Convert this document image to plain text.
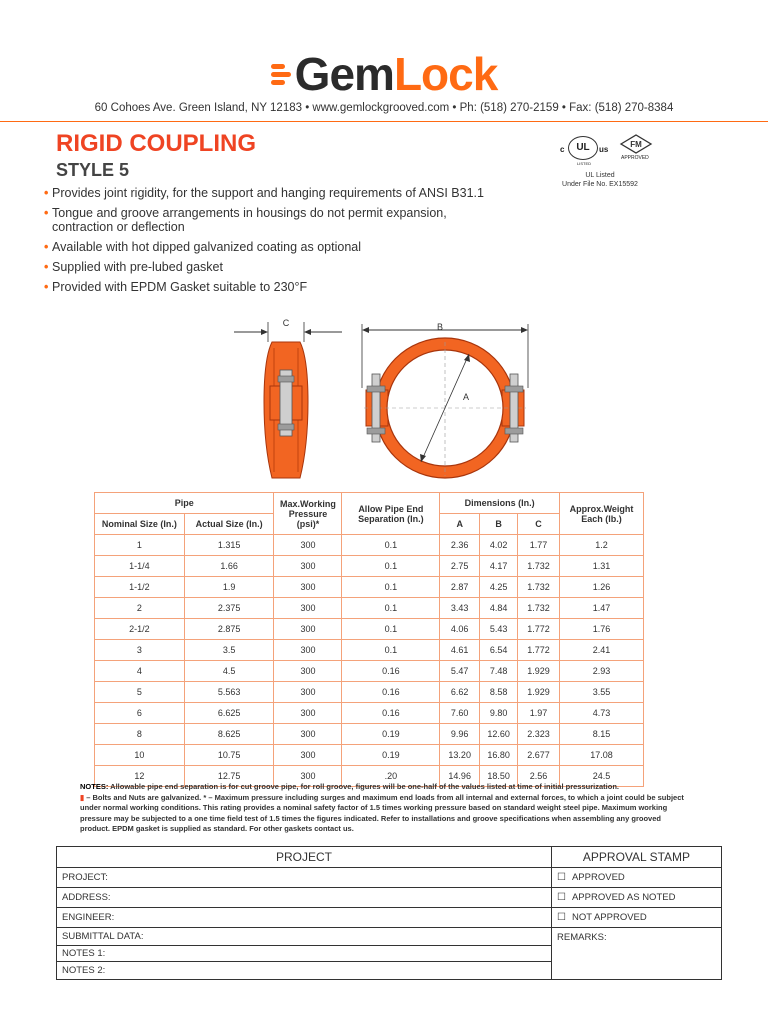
GemLock
60 Cohoes Ave. Green Island, NY 12183 • www.gemlockgrooved.com • Ph: (518) 270-2159 • Fax: (518) 270-8384
RIGID COUPLING
STYLE 5
c	UL	us
LISTED
FM
APPROVED
UL Listed
Under File No. EX15592
• Provides joint rigidity, for the support and hanging requirements of ANSI B31.1
• Tongue and groove arrangements in housings do not permit expansion, contraction or deflection
• Available with hot dipped galvanized coating as optional
• Supplied with pre-lubed gasket
• Provided with EPDM Gasket suitable to 230°F
C	B
A
Pipe		Max.Working Pressure (psi)*	Allow Pipe End Separation (In.)	Dimensions (In.)			Approx.Weight Each (lb.)
Nominal Size (In.)	Actual Size (In.)			A	B	C	
1	1.315	300	0.1	2.36	4.02	1.77	1.2
1-1/4	1.66	300	0.1	2.75	4.17	1.732	1.31
1-1/2	1.9	300	0.1	2.87	4.25	1.732	1.26
2	2.375	300	0.1	3.43	4.84	1.732	1.47
2-1/2	2.875	300	0.1	4.06	5.43	1.772	1.76
3	3.5	300	0.1	4.61	6.54	1.772	2.41
4	4.5	300	0.16	5.47	7.48	1.929	2.93
5	5.563	300	0.16	6.62	8.58	1.929	3.55
6	6.625	300	0.16	7.60	9.80	1.97	4.73
8	8.625	300	0.19	9.96	12.60	2.323	8.15
10	10.75	300	0.19	13.20	16.80	2.677	17.08
12	12.75	300	.20	14.96	18.50	2.56	24.5
NOTES: Allowable pipe end separation is for cut groove pipe, for roll groove, figures will be one-half of the values listed at time of initial pressurization.
▮ – Bolts and Nuts are galvanized. * – Maximum pressure including surges and maximum end loads from all internal and external forces, to which a joint could be subject under normal working conditions. This rating provides a nominal safety factor of 1.5 times working pressure based on standard weight steel pipe. Maximum working pressure may be subjected to a one time field test of 1.5 times the figures indicated. Refer to installations and groove specifications when assembling any grooved product. EPDM gasket is supplied as standard. For other gaskets contact us.
PROJECT
PROJECT:
ADDRESS:
ENGINEER:
SUBMITTAL DATA:
NOTES 1:
NOTES 2:
APPROVAL STAMP
☐ APPROVED
☐ APPROVED AS NOTED
☐ NOT APPROVED
REMARKS:
